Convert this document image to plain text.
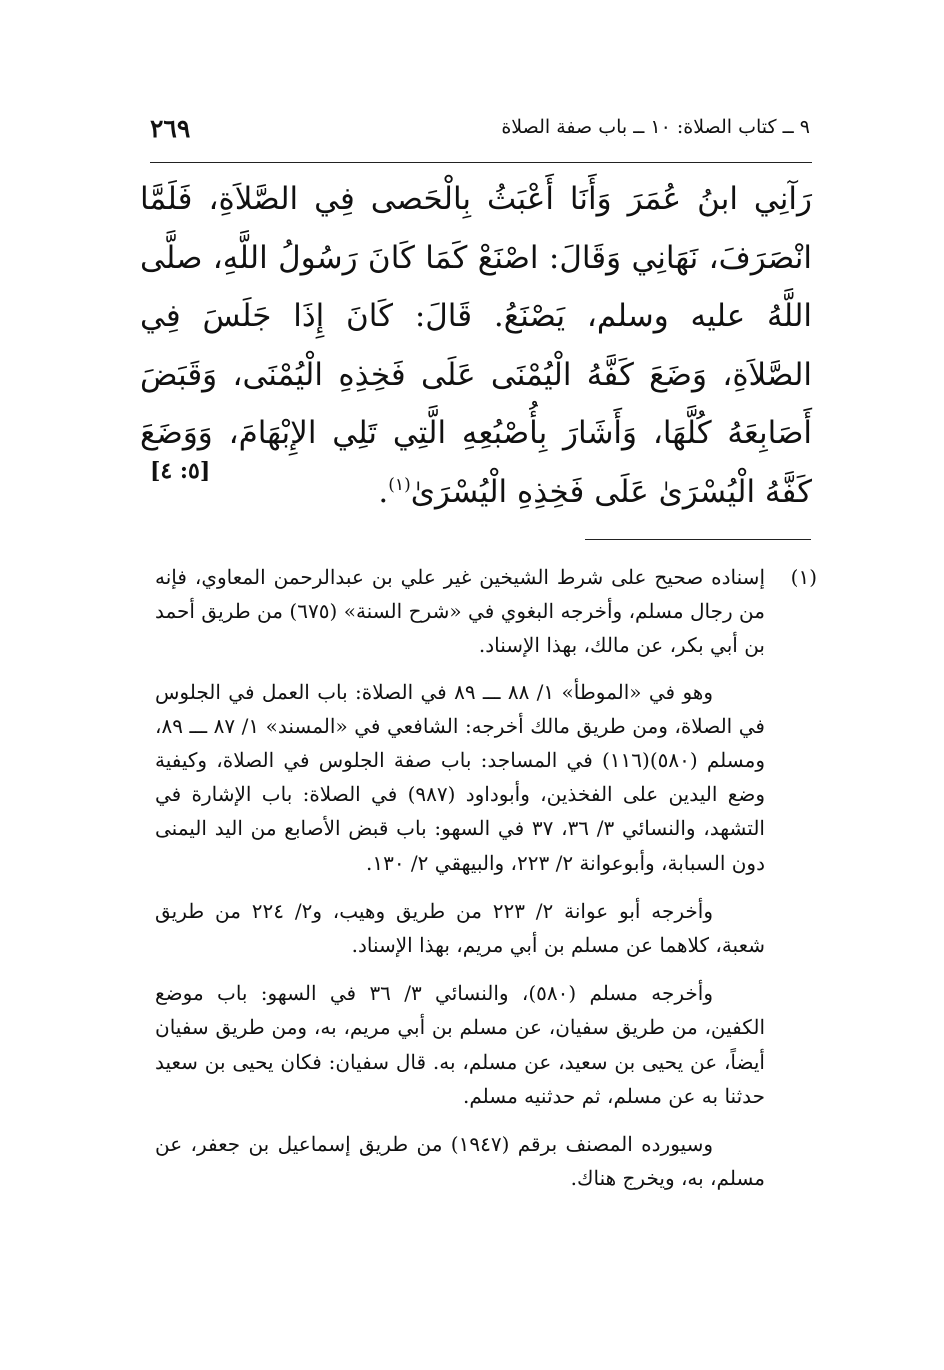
٩ ــ كتاب الصلاة: ١٠ ــ باب صفة الصلاة
٢٦٩

رَآنِي ابنُ عُمَرَ وَأَنَا أَعْبَثُ بِالْحَصى فِي الصَّلاَةِ، فَلَمَّا انْصَرَفَ، نَهَانِي وَقَالَ: اصْنَعْ كَمَا كَانَ رَسُولُ اللَّهِ، صلَّى اللَّهُ عليه وسلم، يَصْنَعُ. قَالَ: كَانَ إِذَا جَلَسَ فِي الصَّلاَةِ، وَضَعَ كَفَّهُ الْيُمْنَى عَلَى فَخِذِهِ الْيُمْنَى، وَقَبَضَ أَصَابِعَهُ كُلَّهَا، وَأَشَارَ بِأُصْبُعِهِ الَّتِي تَلِي الإِبْهَامَ، وَوَضَعَ كَفَّهُ الْيُسْرَىٰ عَلَى فَخِذِهِ الْيُسْرَىٰ$^{(١)}$.

[٥: ٤]

(١)إسناده صحيح على شرط الشيخين غير علي بن عبدالرحمن المعاوي، فإنه من رجال مسلم، وأخرجه البغوي في «شرح السنة» (٦٧٥) من طريق أحمد بن أبي بكر، عن مالك، بهذا الإسناد.

وهو في «الموطأ» ١/ ٨٨ ـــ ٨٩ في الصلاة: باب العمل في الجلوس في الصلاة، ومن طريق مالك أخرجه: الشافعي في «المسند» ١/ ٨٧ ـــ ٨٩، ومسلم (٥٨٠)(١١٦) في المساجد: باب صفة الجلوس في الصلاة، وكيفية وضع اليدين على الفخذين، وأبوداود (٩٨٧) في الصلاة: باب الإشارة في التشهد، والنسائي ٣/ ٣٦، ٣٧ في السهو: باب قبض الأصابع من اليد اليمنى دون السبابة، وأبوعوانة ٢/ ٢٢٣، والبيهقي ٢/ ١٣٠.

وأخرجه أبو عوانة ٢/ ٢٢٣ من طريق وهيب، و٢/ ٢٢٤ من طريق شعبة، كلاهما عن مسلم بن أبي مريم، بهذا الإسناد.

وأخرجه مسلم (٥٨٠)، والنسائي ٣/ ٣٦ في السهو: باب موضع الكفين، من طريق سفيان، عن مسلم بن أبي مريم، به، ومن طريق سفيان أيضاً، عن يحيى بن سعيد، عن مسلم، به. قال سفيان: فكان يحيى بن سعيد حدثنا به عن مسلم، ثم حدثنيه مسلم.

وسيورده المصنف برقم (١٩٤٧) من طريق إسماعيل بن جعفر، عن مسلم، به، ويخرج هناك.
